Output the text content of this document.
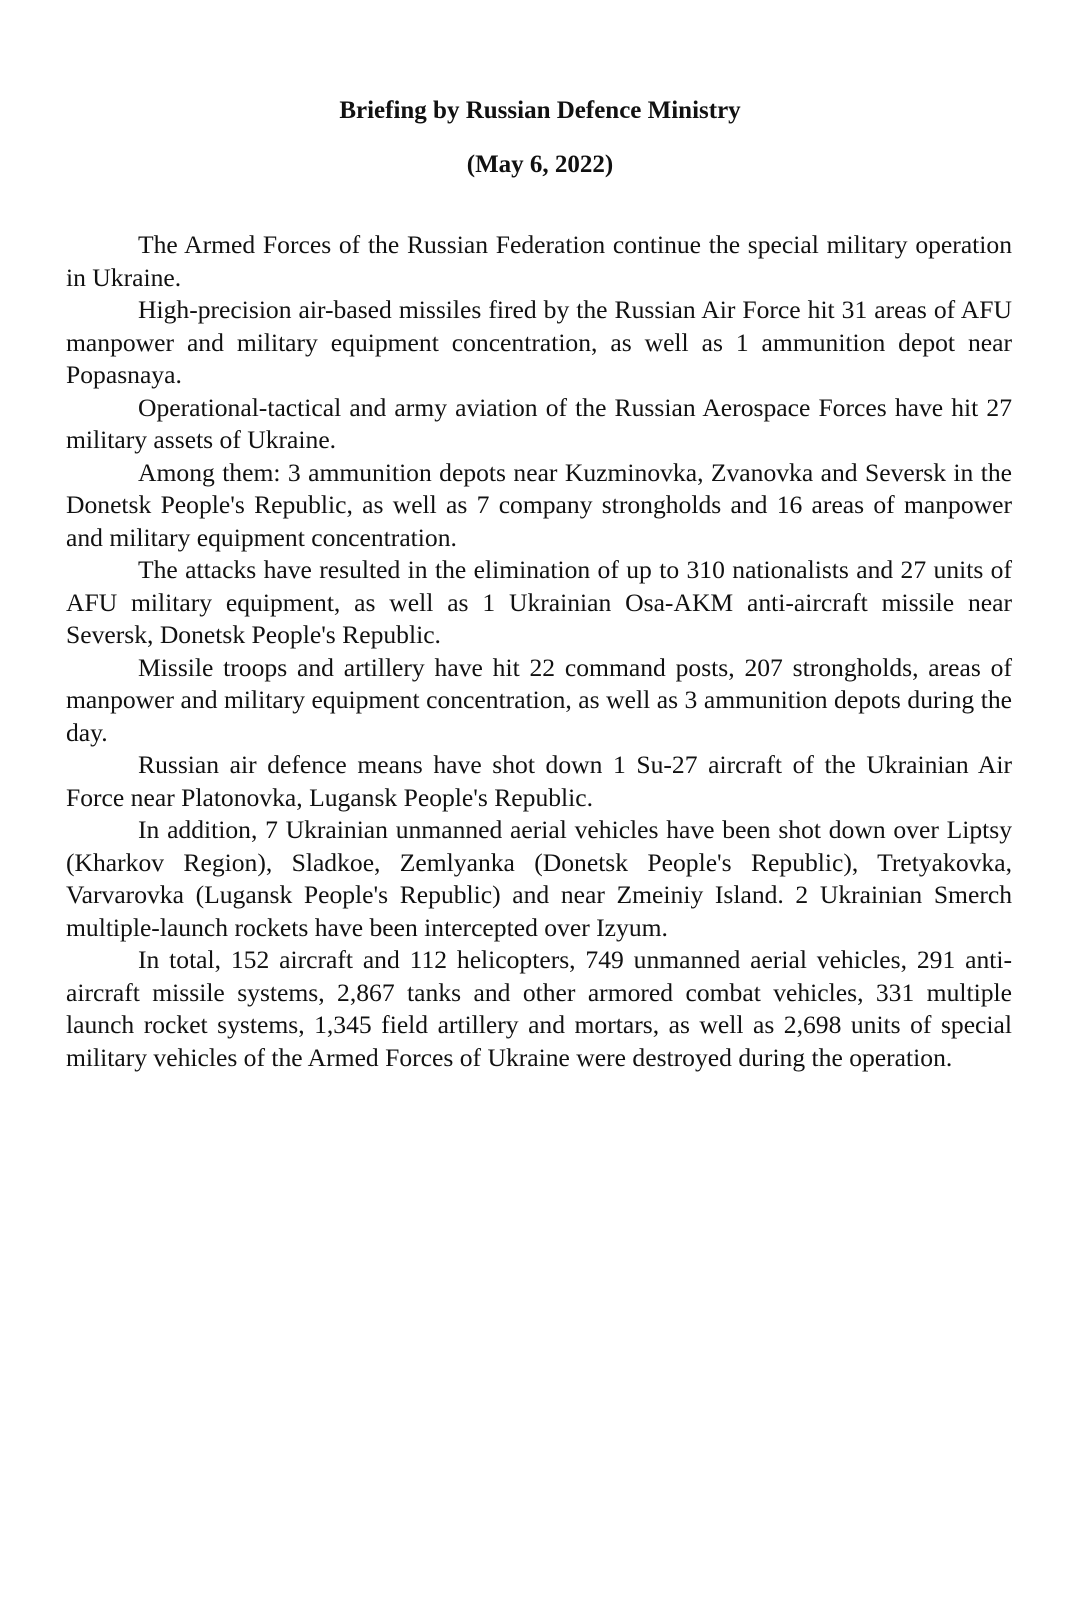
Briefing by Russian Defence Ministry

(May 6, 2022)

The Armed Forces of the Russian Federation continue the special military operation in Ukraine.

High-precision air-based missiles fired by the Russian Air Force hit 31 areas of AFU manpower and military equipment concentration, as well as 1 ammunition depot near Popasnaya.

Operational-tactical and army aviation of the Russian Aerospace Forces have hit 27 military assets of Ukraine.

Among them: 3 ammunition depots near Kuzminovka, Zvanovka and Seversk in the Donetsk People's Republic, as well as 7 company strongholds and 16 areas of manpower and military equipment concentration.

The attacks have resulted in the elimination of up to 310 nationalists and 27 units of AFU military equipment, as well as 1 Ukrainian Osa-AKM anti-aircraft missile near Seversk, Donetsk People's Republic.

Missile troops and artillery have hit 22 command posts, 207 strongholds, areas of manpower and military equipment concentration, as well as 3 ammunition depots during the day.

Russian air defence means have shot down 1 Su-27 aircraft of the Ukrainian Air Force near Platonovka, Lugansk People's Republic.

In addition, 7 Ukrainian unmanned aerial vehicles have been shot down over Liptsy (Kharkov Region), Sladkoe, Zemlyanka (Donetsk People's Republic), Tretyakovka, Varvarovka (Lugansk People's Republic) and near Zmeiniy Island. 2 Ukrainian Smerch multiple-launch rockets have been intercepted over Izyum.

In total, 152 aircraft and 112 helicopters, 749 unmanned aerial vehicles, 291 anti-aircraft missile systems, 2,867 tanks and other armored combat vehicles, 331 multiple launch rocket systems, 1,345 field artillery and mortars, as well as 2,698 units of special military vehicles of the Armed Forces of Ukraine were destroyed during the operation.
